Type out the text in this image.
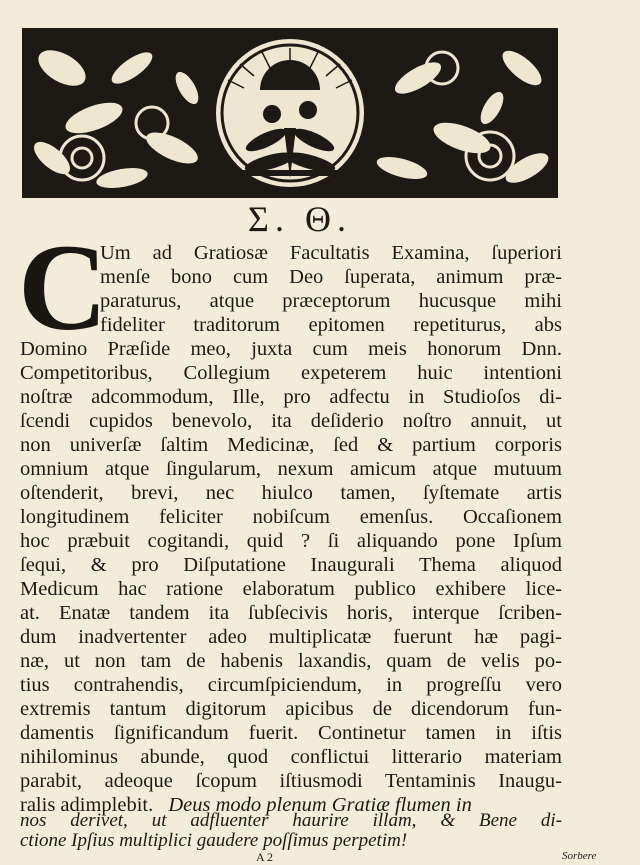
Σ. Θ.
C
Um ad Gratiosæ Facultatis Examina, ſuperiori
menſe bono cum Deo ſuperata, animum præ-
paraturus, atque præceptorum hucusque mihi
fideliter traditorum epitomen repetiturus, abs
Domino Præſide meo, juxta cum meis honorum Dnn.
Competitoribus, Collegium expeterem huic intentioni
noſtræ adcommodum, Ille, pro adfectu in Studioſos di-
ſcendi cupidos benevolo, ita deſiderio noſtro annuit, ut
non univerſæ ſaltim Medicinæ, ſed & partium corporis
omnium atque ſingularum, nexum amicum atque mutuum
oſtenderit, brevi, nec hiulco tamen, ſyſtemate artis
longitudinem feliciter nobiſcum emenſus. Occaſionem
hoc præbuit cogitandi, quid ? ſi aliquando pone Ipſum
ſequi, & pro Diſputatione Inaugurali Thema aliquod
Medicum hac ratione elaboratum publico exhibere lice-
at. Enatæ tandem ita ſubſecivis horis, interque ſcriben-
dum inadvertenter adeo multiplicatæ fuerunt hæ pagi-
næ, ut non tam de habenis laxandis, quam de velis po-
tius contrahendis, circumſpiciendum, in progreſſu vero
extremis tantum digitorum apicibus de dicendorum fun-
damentis ſignificandum fuerit. Continetur tamen in iſtis
nihilominus abunde, quod conflictui litterario materiam
parabit, adeoque ſcopum iſtiusmodi Tentaminis Inaugu-
ralis adimplebit. Deus modo plenum Gratiæ flumen in
nos derivet, ut adfluenter haurire illam, & Bene di-
ctione Ipſius multiplici gaudere poſſimus perpetim!
A 2	Sorbere
